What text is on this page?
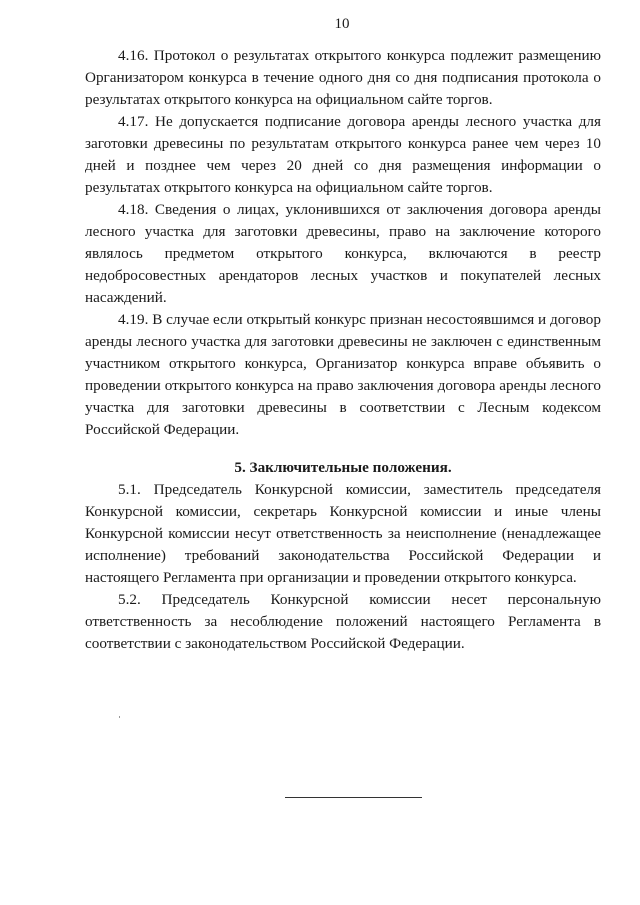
10

4.16. Протокол о результатах открытого конкурса подлежит размещению Организатором конкурса в течение одного дня со дня подписания протокола о результатах открытого конкурса на официальном сайте торгов.

4.17. Не допускается подписание договора аренды лесного участка для заготовки древесины по результатам открытого конкурса ранее чем через 10 дней и позднее чем через 20 дней со дня размещения информации о результатах открытого конкурса на официальном сайте торгов.

4.18. Сведения о лицах, уклонившихся от заключения договора аренды лесного участка для заготовки древесины, право на заключение которого являлось предметом открытого конкурса, включаются в реестр недобросовестных арендаторов лесных участков и покупателей лесных насаждений.

4.19. В случае если открытый конкурс признан несостоявшимся и договор аренды лесного участка для заготовки древесины не заключен с единственным участником открытого конкурса, Организатор конкурса вправе объявить о проведении открытого конкурса на право заключения договора аренды лесного участка для заготовки древесины в соответствии с Лесным кодексом Российской Федерации.

5. Заключительные положения.

5.1. Председатель Конкурсной комиссии, заместитель председателя Конкурсной комиссии, секретарь Конкурсной комиссии и иные члены Конкурсной комиссии несут ответственность за неисполнение (ненадлежащее исполнение) требований законодательства Российской Федерации и настоящего Регламента при организации и проведении открытого конкурса.

5.2. Председатель Конкурсной комиссии несет персональную ответственность за несоблюдение положений настоящего Регламента в соответствии с законодательством Российской Федерации.
